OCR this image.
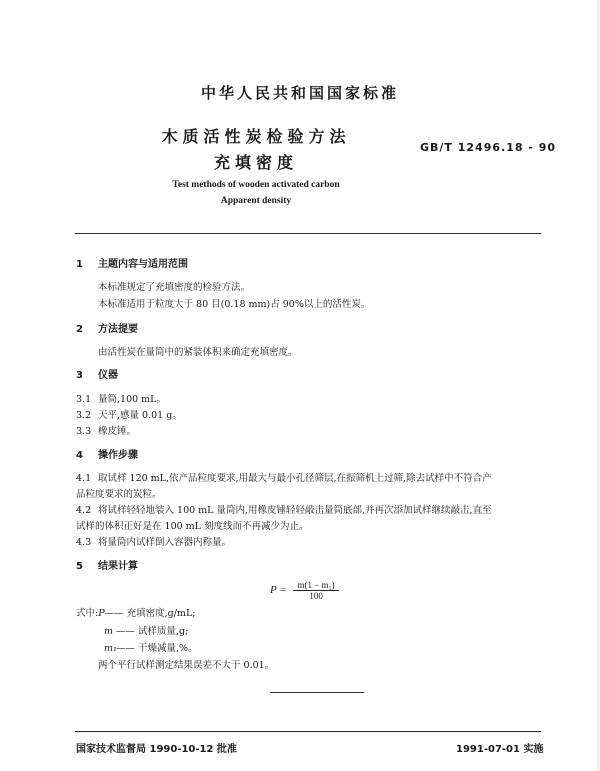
中华人民共和国国家标准
木质活性炭检验方法
充填密度
GB/T 12496.18 - 90
Test methods of wooden activated carbon
Apparent density
1 主题内容与适用范围
本标准规定了充填密度的检验方法。
本标准适用于粒度大于 80 目(0.18 mm)占 90%以上的活性炭。
2 方法提要
由活性炭在量筒中的紧装体积来确定充填密度。
3 仪器
3.1 量筒,100 mL。
3.2 天平,感量 0.01 g。
3.3 橡皮锤。
4 操作步骤
4.1 取试样 120 mL,依产品粒度要求,用最大与最小孔径筛层,在振筛机上过筛,除去试样中不符合产
品粒度要求的炭粒。
4.2 将试样轻轻地装入 100 mL 量筒内,用橡皮锤轻轻敲击量筒底部,并再次添加试样继续敲击,直至
试样的体积正好是在 100 mL 刻度线而不再减少为止。
4.3 将量筒内试样倒入容器内称量。
5 结果计算
$P = \frac{\text{m(1 − m₁)}}{100}$
式中:P—— 充填密度,g/mL;
m —— 试样质量,g;
m₁—— 干燥减量,%。
两个平行试样测定结果误差不大于 0.01。
国家技术监督局 1990-10-12 批准	1991-07-01 实施
